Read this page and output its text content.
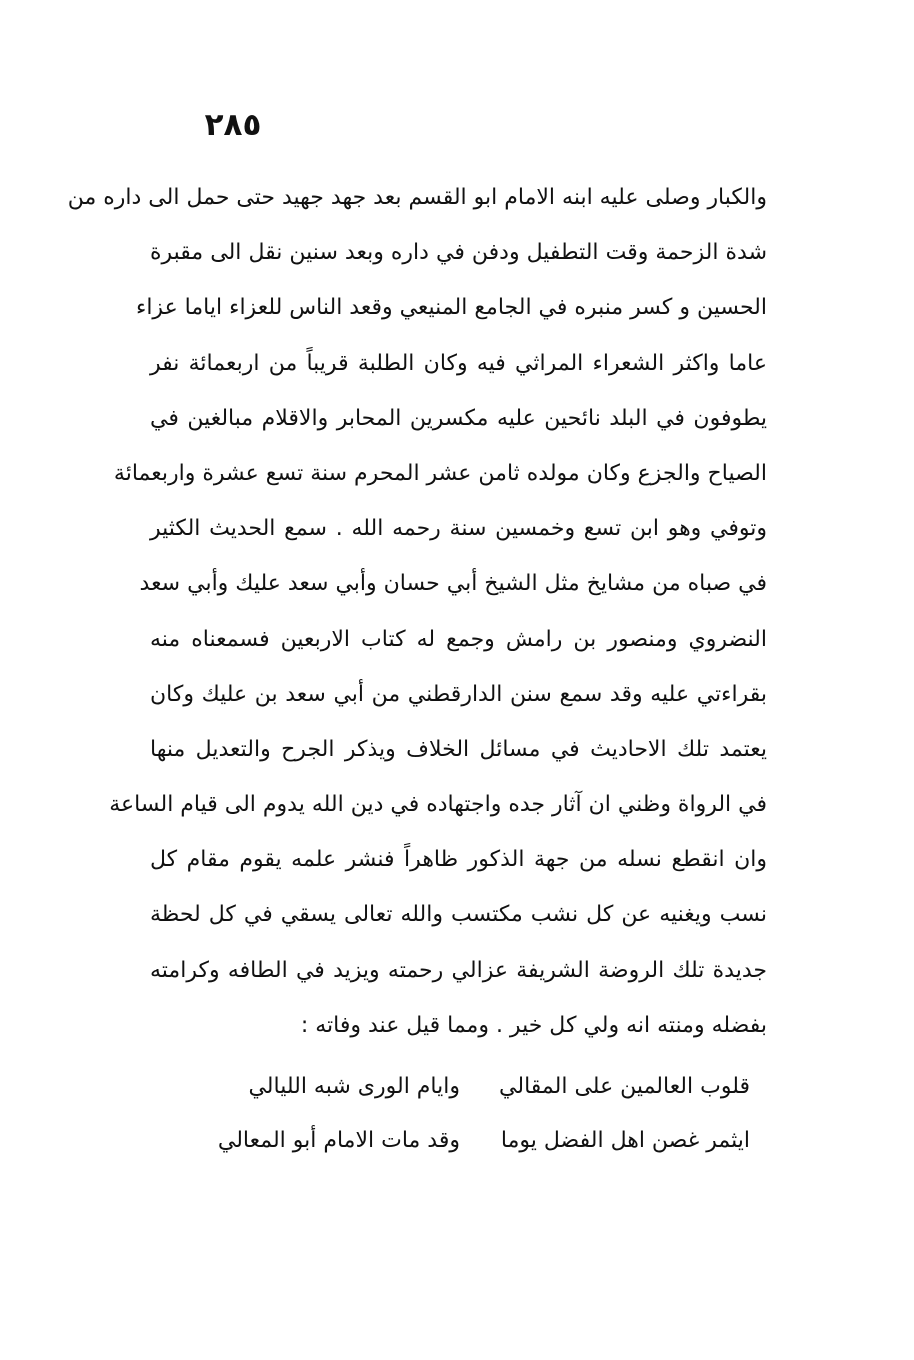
٢٨٥
والكبار وصلى عليه ابنه الامام ابو القسم بعد جهد جهيد حتى حمل الى داره من
شدة الزحمة وقت التطفيل ودفن في داره وبعد سنين نقل الى مقبرة
الحسين و كسر منبره في الجامع المنيعي وقعد الناس للعزاء اياما عزاء
عاما واكثر الشعراء المراثي فيه وكان الطلبة قريباً من اربعمائة نفر
يطوفون في البلد نائحين عليه مكسرين المحابر والاقلام مبالغين في
الصياح والجزع وكان مولده ثامن عشر المحرم سنة تسع عشرة واربعمائة
وتوفي وهو ابن تسع وخمسين سنة رحمه الله . سمع الحديث الكثير
في صباه من مشايخ مثل الشيخ أبي حسان وأبي سعد عليك وأبي سعد
النضروي ومنصور بن رامش وجمع له كتاب الاربعين فسمعناه منه
بقراءتي عليه وقد سمع سنن الدارقطني من أبي سعد بن عليك وكان
يعتمد تلك الاحاديث في مسائل الخلاف ويذكر الجرح والتعديل منها
في الرواة وظني ان آثار جده واجتهاده في دين الله يدوم الى قيام الساعة
وان انقطع نسله من جهة الذكور ظاهراً فنشر علمه يقوم مقام كل
نسب ويغنيه عن كل نشب مكتسب والله تعالى يسقي في كل لحظة
جديدة تلك الروضة الشريفة عزالي رحمته ويزيد في الطافه وكرامته
بفضله ومنته انه ولي كل خير . ومما قيل عند وفاته :
قلوب العالمين على المقالي
وايام الورى شبه الليالي
ايثمر غصن اهل الفضل يوما
وقد مات الامام أبو المعالي
